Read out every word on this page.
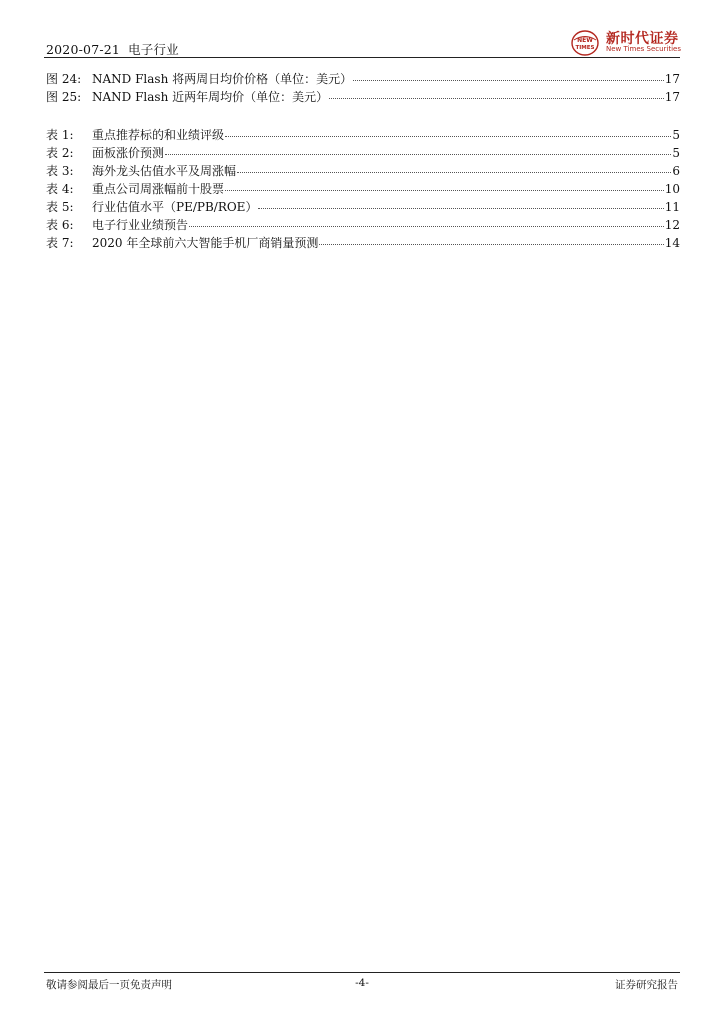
2020-07-21 电子行业
NEW
TIMES
新时代证券
New Times Securities
图 24: NAND Flash 将两周日均价价格（单位：美元）	17
图 25: NAND Flash 近两年周均价（单位：美元）	17
表 1:	重点推荐标的和业绩评级	5
表 2:	面板涨价预测	5
表 3:	海外龙头估值水平及周涨幅	6
表 4:	重点公司周涨幅前十股票	10
表 5:	行业估值水平（PE/PB/ROE）	11
表 6:	电子行业业绩预告	12
表 7:	2020 年全球前六大智能手机厂商销量预测	14
敬请参阅最后一页免责声明	-4-	证券研究报告
